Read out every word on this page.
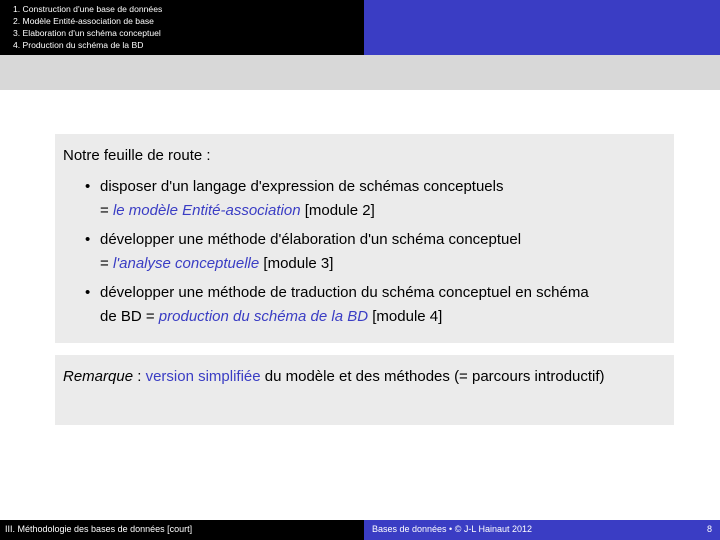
1. Construction d'une base de données
2. Modèle Entité-association de base
3. Elaboration d'un schéma conceptuel
4. Production du schéma de la BD

Notre feuille de route :

• disposer d'un langage d'expression de schémas conceptuels
= le modèle Entité-association [module 2]
• développer une méthode d'élaboration d'un schéma conceptuel
= l'analyse conceptuelle [module 3]
• développer une méthode de traduction du schéma conceptuel en schéma
de BD = production du schéma de la BD [module 4]

Remarque : version simplifiée du modèle et des méthodes (= parcours introductif)

III. Méthodologie des bases de données [court]	Bases de données • © J-L Hainaut 2012	8
